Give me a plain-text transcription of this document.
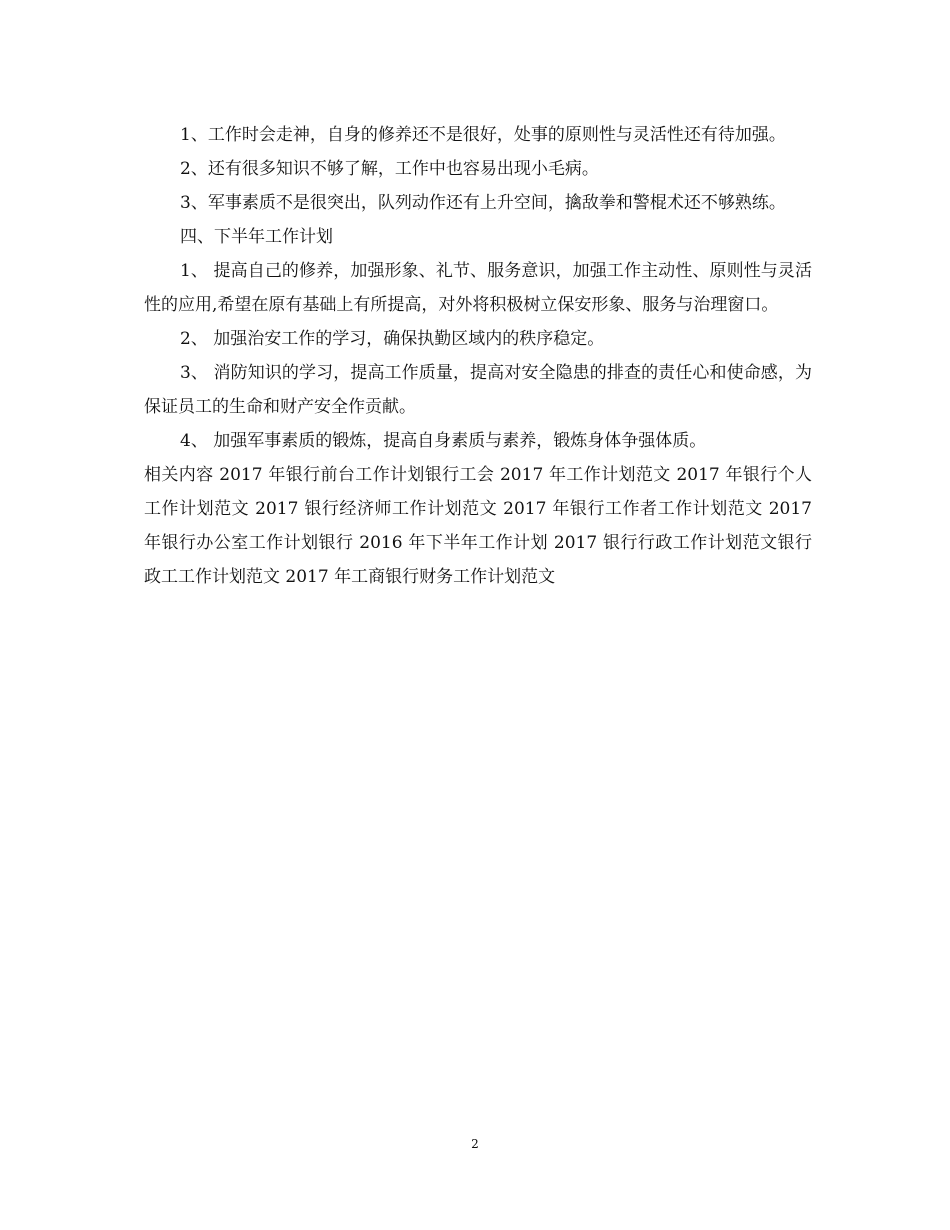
1、工作时会走神，自身的修养还不是很好，处事的原则性与灵活性还有待加强。

2、还有很多知识不够了解，工作中也容易出现小毛病。

3、军事素质不是很突出，队列动作还有上升空间，擒敌拳和警棍术还不够熟练。

四、下半年工作计划

1、 提高自己的修养，加强形象、礼节、服务意识，加强工作主动性、原则性与灵活性的应用,希望在原有基础上有所提高，对外将积极树立保安形象、服务与治理窗口。

2、 加强治安工作的学习，确保执勤区域内的秩序稳定。

3、 消防知识的学习，提高工作质量，提高对安全隐患的排查的责任心和使命感，为保证员工的生命和财产安全作贡献。

4、 加强军事素质的锻炼，提高自身素质与素养，锻炼身体争强体质。

相关内容 2017 年银行前台工作计划银行工会 2017 年工作计划范文 2017 年银行个人工作计划范文 2017 银行经济师工作计划范文 2017 年银行工作者工作计划范文 2017 年银行办公室工作计划银行 2016 年下半年工作计划 2017 银行行政工作计划范文银行政工工作计划范文 2017 年工商银行财务工作计划范文

2
